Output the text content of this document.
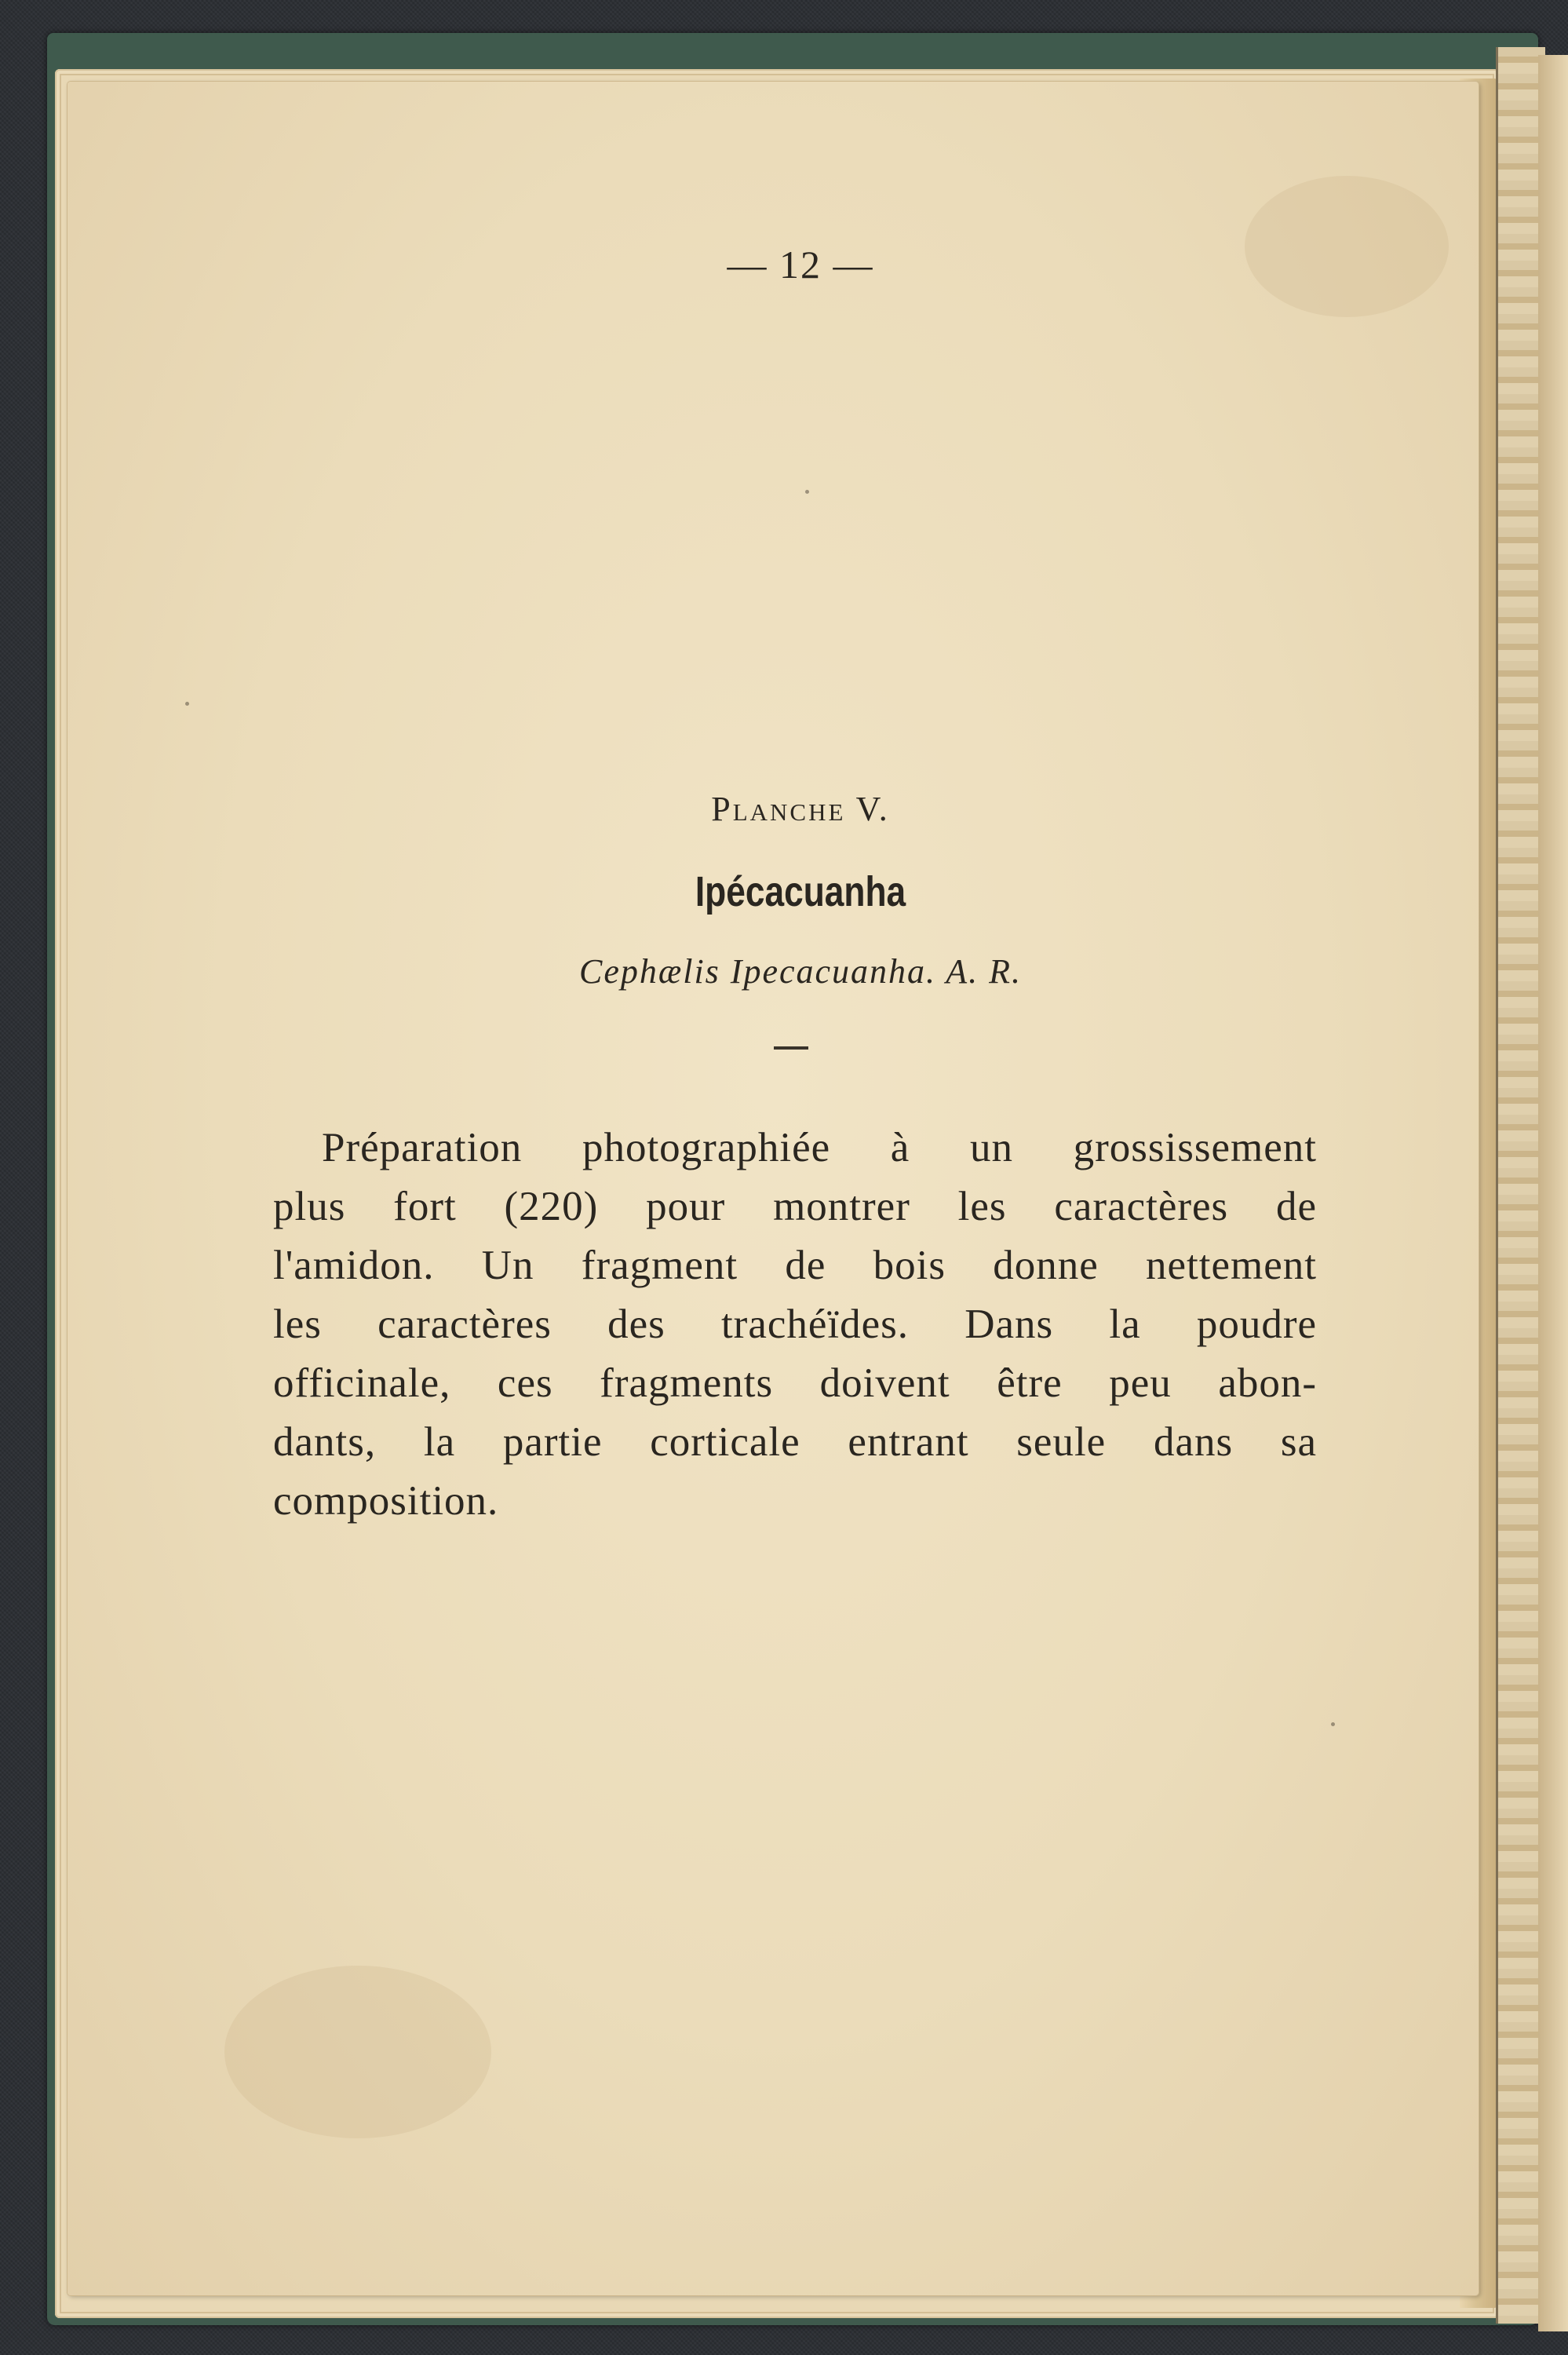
— 12 —
Planche V.
Ipécacuanha
Cephælis Ipecacuanha. A. R.
Préparation photographiée à un grossissement
plus fort (220) pour montrer les caractères de
l'amidon. Un fragment de bois donne nettement
les caractères des trachéïdes. Dans la poudre
officinale, ces fragments doivent être peu abon-
dants, la partie corticale entrant seule dans sa
composition.
